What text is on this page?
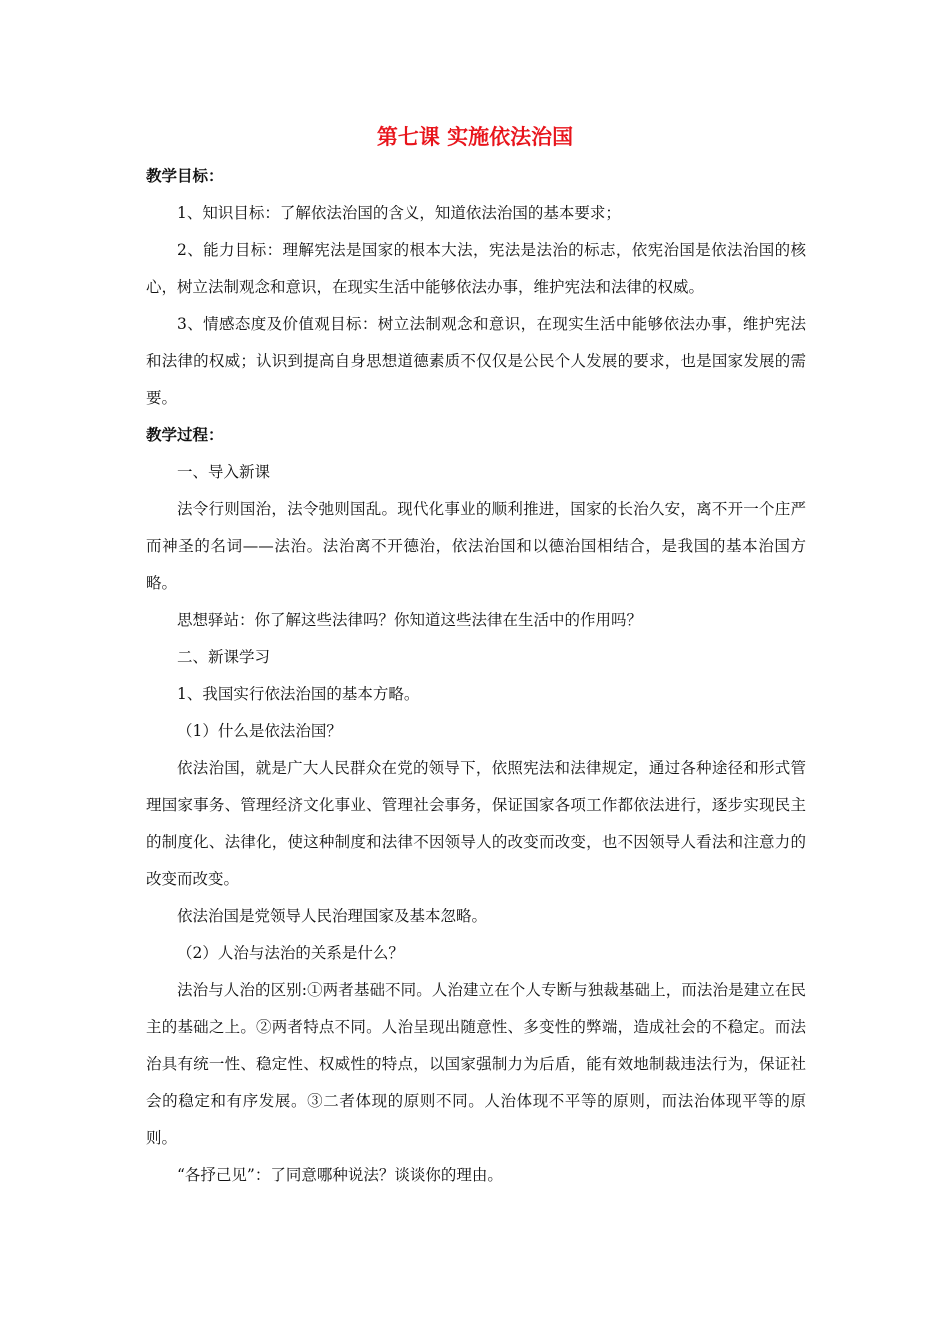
第七课 实施依法治国

教学目标：

1、知识目标：了解依法治国的含义，知道依法治国的基本要求；

2、能力目标：理解宪法是国家的根本大法，宪法是法治的标志，依宪治国是依法治国的核心，树立法制观念和意识，在现实生活中能够依法办事，维护宪法和法律的权威。

3、情感态度及价值观目标：树立法制观念和意识，在现实生活中能够依法办事，维护宪法和法律的权威；认识到提高自身思想道德素质不仅仅是公民个人发展的要求，也是国家发展的需要。

教学过程：

一、导入新课

法令行则国治，法令弛则国乱。现代化事业的顺利推进，国家的长治久安，离不开一个庄严而神圣的名词——法治。法治离不开德治，依法治国和以德治国相结合，是我国的基本治国方略。

思想驿站：你了解这些法律吗？你知道这些法律在生活中的作用吗？

二、新课学习

1、我国实行依法治国的基本方略。

（1）什么是依法治国？

依法治国，就是广大人民群众在党的领导下，依照宪法和法律规定，通过各种途径和形式管理国家事务、管理经济文化事业、管理社会事务，保证国家各项工作都依法进行，逐步实现民主的制度化、法律化，使这种制度和法律不因领导人的改变而改变，也不因领导人看法和注意力的改变而改变。

依法治国是党领导人民治理国家及基本忽略。

（2）人治与法治的关系是什么？

法治与人治的区别:①两者基础不同。人治建立在个人专断与独裁基础上，而法治是建立在民主的基础之上。②两者特点不同。人治呈现出随意性、多变性的弊端，造成社会的不稳定。而法治具有统一性、稳定性、权威性的特点，以国家强制力为后盾，能有效地制裁违法行为，保证社会的稳定和有序发展。③二者体现的原则不同。人治体现不平等的原则，而法治体现平等的原则。

“各抒己见”：了同意哪种说法？谈谈你的理由。
